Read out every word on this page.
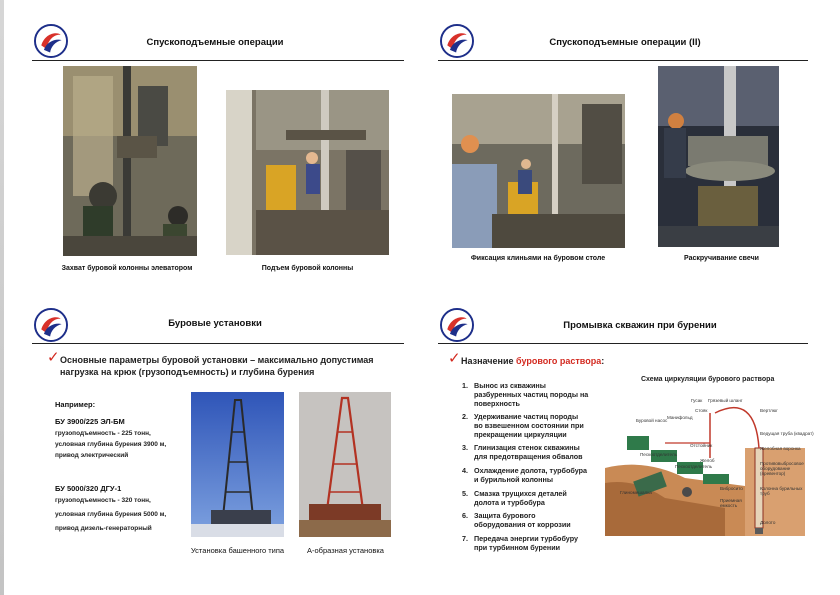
Спускоподъемные операции
Захват буровой колонны элеватором	Подъем буровой колонны
Спускоподъемные операции (II)
Фиксация клиньями на буровом столе	Раскручивание свечи
Буровые установки
✓ Основные параметры буровой установки – максимально допустимая
нагрузка на крюк (грузоподъемность) и глубина бурения
Например:
БУ 3900/225 ЭЛ-БМ
грузоподъемность - 225 тонн,
условная глубина бурения 3900 м,
привод электрический
БУ 5000/320 ДГУ-1
грузоподъемность - 320 тонн,
условная глубина бурения 5000 м,
привод дизель-генераторный
Установка башенного типа	А-образная установка
Промывка скважин при бурении
✓ Назначение бурового раствора:
1. Вынос из скважины
разбуренных частиц породы на
поверхность
2. Удерживание частиц породы
во взвешенном состоянии при
прекращении циркуляции
3. Глинизация стенок скважины
для предотвращения обвалов
4. Охлаждение долота, турбобура
и бурильной колонны
5. Смазка трущихся деталей
долота и турбобура
6. Защита бурового
оборудования от коррозии
7. Передача энергии турбобуру
при турбинном бурении
Схема циркуляции бурового раствора
Гусак Грязевый шланг
Стояк
Манифольд
Буровой насос
Вертлюг
Ведущая труба (квадрат)
Желобная воронка
Противовыбросовое оборудование (превентор)
Колонна бурильных труб
Долото
Отстойник
Пескоотделитель
Желоб
Пескоотделитель
Вибросито
Глиномешалка
Приемная емкость
